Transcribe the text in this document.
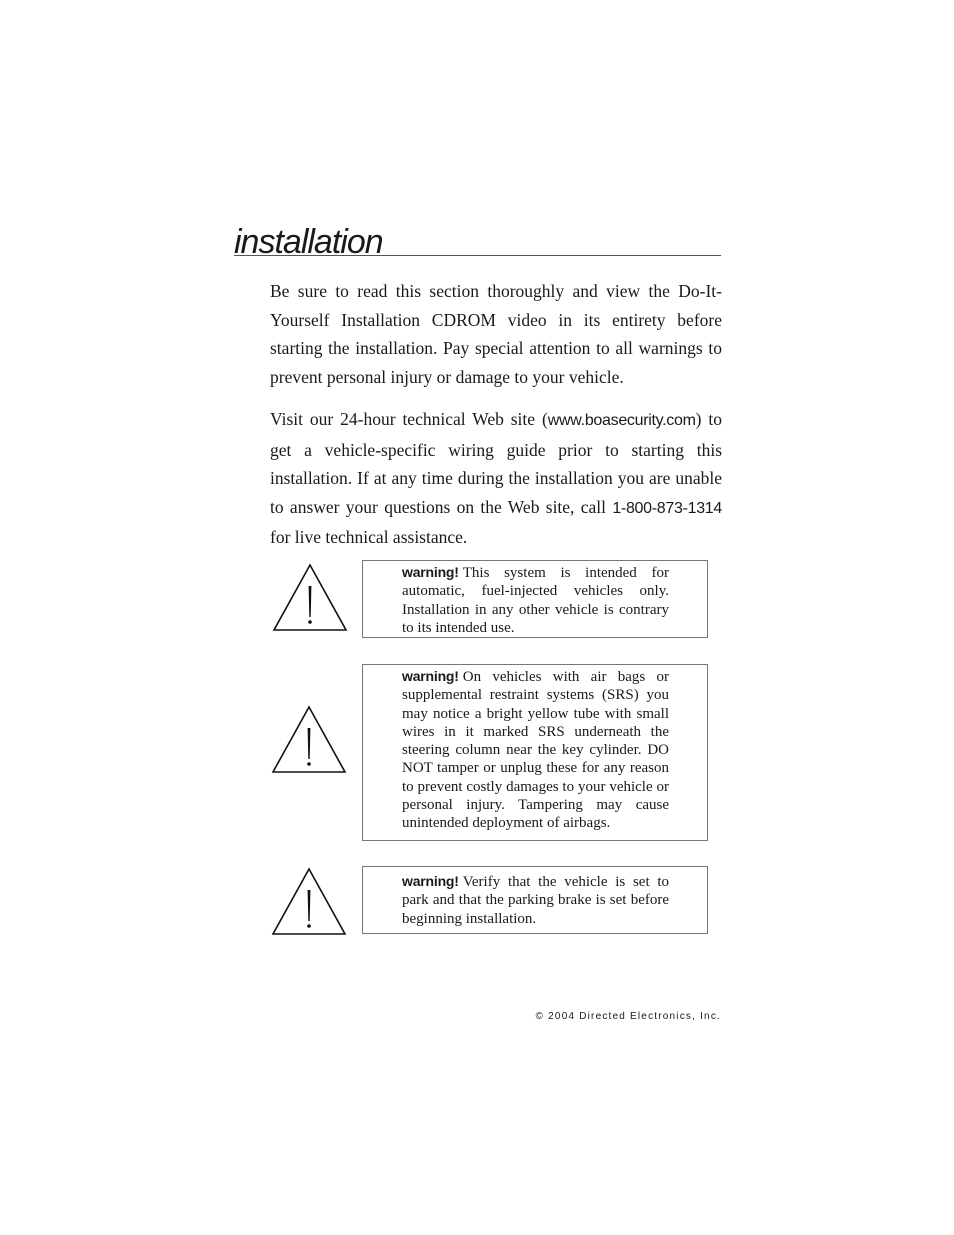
installation

Be sure to read this section thoroughly and view the Do-It-Yourself Installation CDROM video in its entirety before starting the installation. Pay special attention to all warnings to prevent personal injury or damage to your vehicle.

Visit our 24-hour technical Web site (www.boasecurity.com) to get a vehicle-specific wiring guide prior to starting this installation. If at any time during the installation you are unable to answer your questions on the Web site, call 1-800-873-1314 for live technical assistance.

warning! This system is intended for automatic, fuel-injected vehicles only. Installation in any other vehicle is contrary to its intended use.
warning! On vehicles with air bags or supplemental restraint systems (SRS) you may notice a bright yellow tube with small wires in it marked SRS underneath the steering column near the key cylinder. DO NOT tamper or unplug these for any reason to prevent costly damages to your vehicle or personal injury. Tampering may cause unintended deployment of airbags.
warning! Verify that the vehicle is set to park and that the parking brake is set before beginning installation.
© 2004 Directed Electronics, Inc.
